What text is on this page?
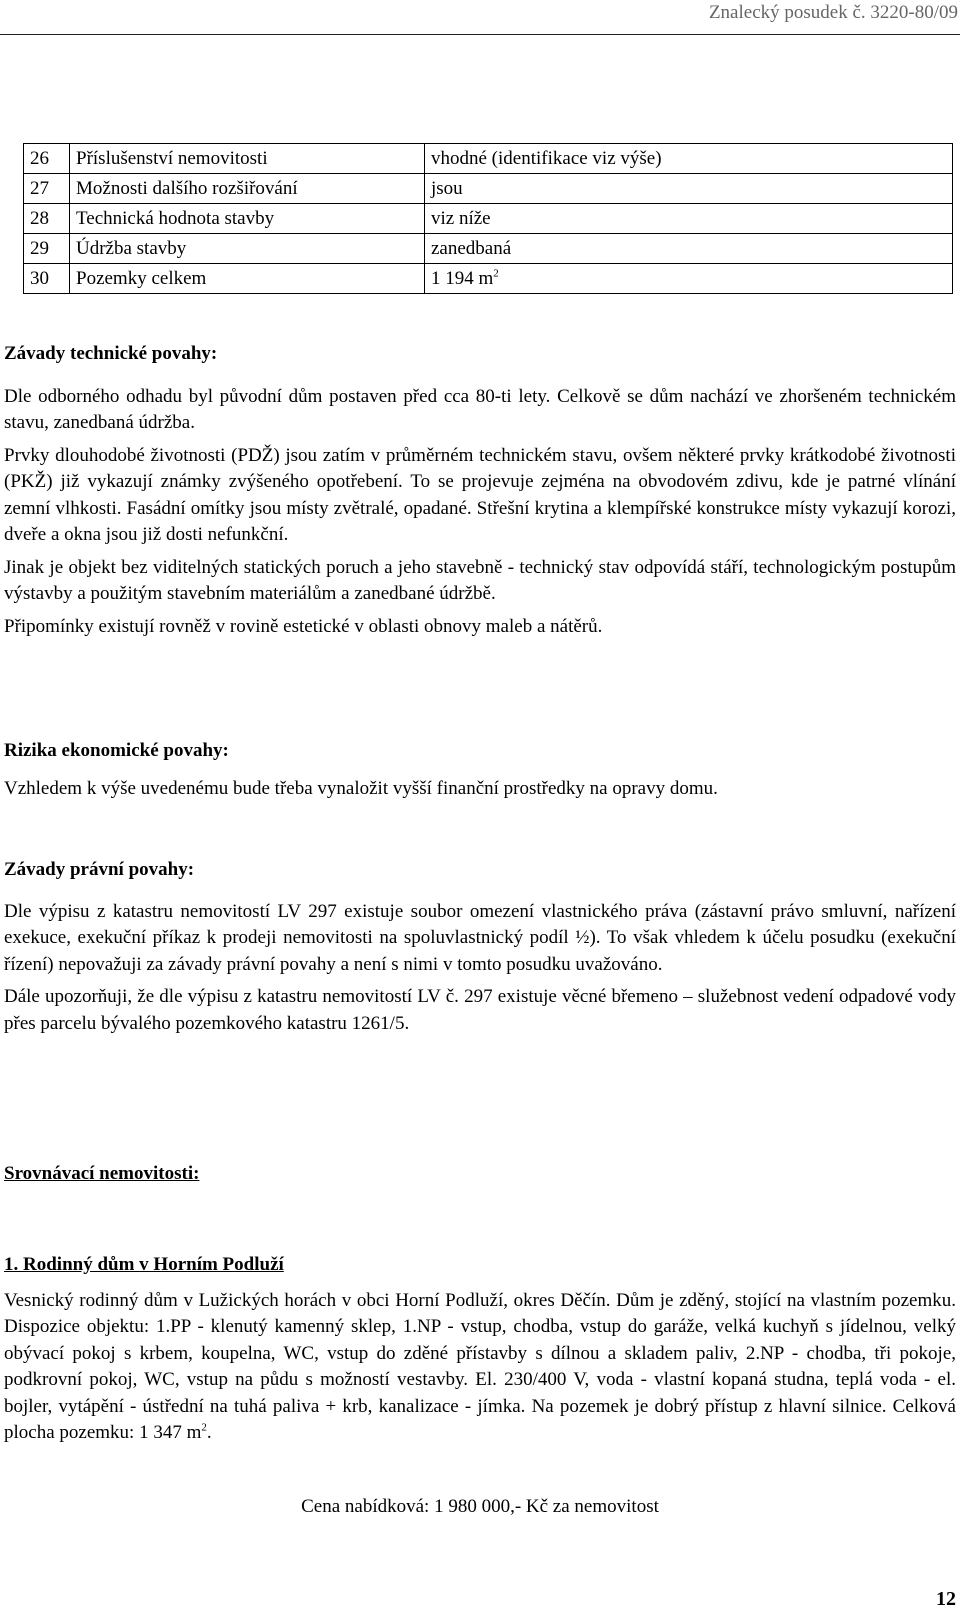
Znalecký posudek č. 3220-80/09
26	Příslušenství nemovitosti	vhodné (identifikace viz výše)
27	Možnosti dalšího rozšiřování	jsou
28	Technická hodnota stavby	viz níže
29	Údržba stavby	zanedbaná
30	Pozemky celkem	1 194 $m^2$

Závady technické povahy:

Dle odborného odhadu byl původní dům postaven před cca 80-ti lety. Celkově se dům nachází ve zhoršeném technickém stavu, zanedbaná údržba.

Prvky dlouhodobé životnosti (PDŽ) jsou zatím v průměrném technickém stavu, ovšem některé prvky krátkodobé životnosti (PKŽ) již vykazují známky zvýšeného opotřebení. To se projevuje zejména na obvodovém zdivu, kde je patrné vlínání zemní vlhkosti. Fasádní omítky jsou místy zvětralé, opadané. Střešní krytina a klempířské konstrukce místy vykazují korozi, dveře a okna jsou již dosti nefunkční.

Jinak je objekt bez viditelných statických poruch a jeho stavebně - technický stav odpovídá stáří, technologickým postupům výstavby a použitým stavebním materiálům a zanedbané údržbě.

Připomínky existují rovněž v rovině estetické v oblasti obnovy maleb a nátěrů.

Rizika ekonomické povahy:

Vzhledem k výše uvedenému bude třeba vynaložit vyšší finanční prostředky na opravy domu.

Závady právní povahy:

Dle výpisu z katastru nemovitostí LV 297 existuje soubor omezení vlastnického práva (zástavní právo smluvní, nařízení exekuce, exekuční příkaz k prodeji nemovitosti na spoluvlastnický podíl ½). To však vhledem k účelu posudku (exekuční řízení) nepovažuji za závady právní povahy a není s nimi v tomto posudku uvažováno.

Dále upozorňuji, že dle výpisu z katastru nemovitostí LV č. 297 existuje věcné břemeno – služebnost vedení odpadové vody přes parcelu bývalého pozemkového katastru 1261/5.

Srovnávací nemovitosti:

1. Rodinný dům v Horním Podluží

Vesnický rodinný dům v Lužických horách v obci Horní Podluží, okres Děčín. Dům je zděný, stojící na vlastním pozemku. Dispozice objektu: 1.PP - klenutý kamenný sklep, 1.NP - vstup, chodba, vstup do garáže, velká kuchyň s jídelnou, velký obývací pokoj s krbem, koupelna, WC, vstup do zděné přístavby s dílnou a skladem paliv, 2.NP - chodba, tři pokoje, podkrovní pokoj, WC, vstup na půdu s možností vestavby. El. 230/400 V, voda - vlastní kopaná studna, teplá voda - el. bojler, vytápění - ústřední na tuhá paliva + krb, kanalizace - jímka. Na pozemek je dobrý přístup z hlavní silnice. Celková plocha pozemku: 1 347 $m^2$.

Cena nabídková: 1 980 000,- Kč za nemovitost
12
